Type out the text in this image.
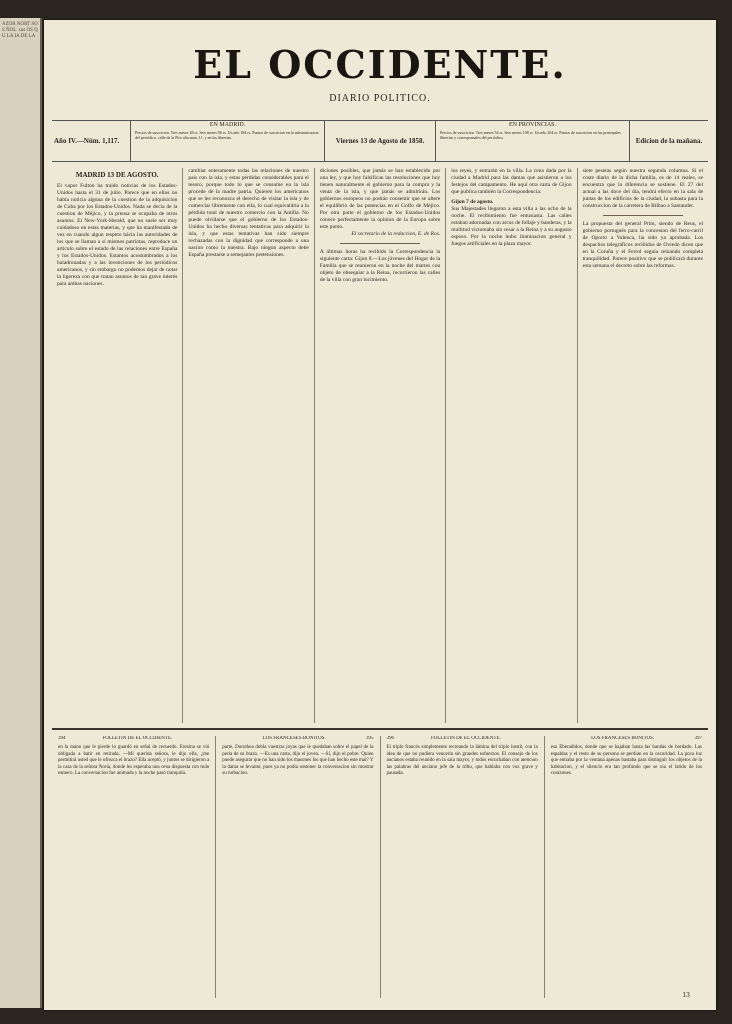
AZOR NORT SOS ÑOL. sus OS QU LA IA DE LA
EL OCCIDENTE.
DIARIO POLITICO.
Año IV.—Núm. 1,117.
EN MADRID.
Precios de suscricion. Tres meses 48 rs. Seis meses 96 rs. Un año 184 rs. Puntos de suscricion en la administracion del periódico, calle de la Flor alta num. 11, y en las librerías.	Viernes 13 de Agosto de 1858.
EN PROVINCIAS.
Precios de suscricion. Tres meses 54 rs. Seis meses 108 rs. Un año 204 rs. Puntos de suscricion en las principales librerías y corresponsales del periódico.	Edicion de la mañana.
MADRID 13 DE AGOSTO.
El vapor Fulton ha traido noticias de los Estados-Unidos hasta el 31 de julio. Parece que en ellos no habia noticia alguna de la cuestion de la adquisicion de Cuba por los Estados-Unidos. Nada se decia de la cuestion de Méjico, y la prensa se ocupaba de otros asuntos. El New-York-Herald, que no suele ser muy cuidadoso en estas materias, y que ha manifestado de vez en cuando algun respeto hácia las autoridades de los que se llaman a sí mismos patriotas, reproduce un articulo sobre el estado de las relaciones entre España y los Estados-Unidos. Estamos acostumbrados a los baladronadas y a las invenciones de los periódicos americanos, y sin embargo no podemos dejar de notar la ligereza con que tratan asuntos de tan grave interés para ambas naciones.
cambiar enteramente todas las relaciones de nuestro pais con la isla, y estas pérdidas considerables para el tesoro, porque todo lo que se consume en la isla procede de la madre patria. Quieren los americanos que se les reconozca el derecho de visitar la isla y de comerciar libremente con ella, lo cual equivaldria a la pérdida total de nuestro comercio con la Antilla. No puede olvidarse que el gobierno de los Estados-Unidos ha hecho diversas tentativas para adquirir la isla, y que estas tentativas han sido siempre rechazadas con la dignidad que corresponde a una nacion como la nuestra. Bajo ningun aspecto debe España prestarse a semejantes pretensiones.
diciones posibles, que jamás se han establecido por una ley, y que hoy falsifican las resoluciones que hoy tienen naturalmente el gobierno para la compra y la venta de la isla, y que jamás se admitirán. Los gobiernos europeos no podrán consentir que se altere el equilibrio de las potencias en el Golfo de Méjico. Por otra parte el gobierno de los Estados-Unidos conoce perfectamente la opinion de la Europa sobre este punto.
El secretario de la redaccion, E. de Ros.
A últimas horas ha recibido la Correspondencia la siguiente carta: Gijon 8.—Los jóvenes del Hogar de la Familia que se reunieron en la noche del martes con objeto de obsequiar a la Reina, recorrieron las calles de la villa con gran lucimiento.
los reyes, y entrarán en la villa. La cena dada por la ciudad a Madrid para las damas que asistieron a los festejos del campamento. He aquí otra carta de Gijon que publica también la Correspondencia:
Gijon 7 de agosto.
Sus Majestades llegaron a esta villa a las ocho de la noche. El recibimiento fue entusiasta. Las calles estaban adornadas con arcos de follaje y banderas, y la multitud victoreaba sin cesar a la Reina y a su augusto esposo. Por la noche hubo iluminacion general y fuegos artificiales en la plaza mayor.
siete pesetas según nuestra segunda columna. Si el coste diario de la dicha familia, es de 14 reales, se encuentra que la diferencia se sostiene. El 27 del actual a las doce del dia, tendrá efecto en la sala de juntas de los edificios de la ciudad, la subasta para la construccion de la carretera de Bilbao a Santander.
La propuesta del general Prim, siendo de Reus, el gobierno portugués para la concesion del ferro-carril de Oporto a Valenca, ha sido ya aprobada. Los despachos telegráficos recibidos de Oviedo dicen que en la Coruña y el Ferrol seguía reinando completa tranquilidad. Parece positivo que se publicará durante esta semana el decreto sobre las reformas.
394	FOLLETIN DE EL OCCIDENTE.
en la mano que le pierde lo guardó en señal de recuerdo. Erezina se vió obligada a batir en retirada. —Mi querida señora, le dijo ella, ¿me permitirá usted que le ofrezca el brazo? Ella aceptó, y juntos se dirigieron a la casa de la señora Noria, donde les esperaba una cena dispuesta con todo esmero. La conversacion fue animada y la noche pasó tranquila.
LOS FRANCESES BONITOS.	395
parte, Dorothea dobla vuestras joyas que le quedaban sobre el papel de la perla de su brazo. —Es una carta, dijo el joven. —Sí, dijo el pobre. Quien puede asegurar que no han sido los masones los que han hecho este mal? Y la dama se levantó, pues ya no podia sostener la conversacion sin mostrar su turbacion.
396	FOLLETIN DE EL OCCIDENTE.
El triplo francés simplemente recreando la lámina del triplo hostil, con la idea de que no pudiera vencerla sin grandes esfuerzos. El consejo de los ancianos estaba reunido en la sala mayor, y todos escuchaban con atencion las palabras del anciano jefe de la tribu, que hablaba con voz grave y pausada.
LOS FRANCESES BONITOS.	397
esa Eberadidos, donde que se bajaban hasta las bandas de bordado. Las espaldas y el resto de su persona se perdian en la oscuridad. La poca luz que entraba por la ventana apenas bastaba para distinguir los objetos de la habitacion, y el silencio era tan profundo que se oia el latido de los corazones.
13
